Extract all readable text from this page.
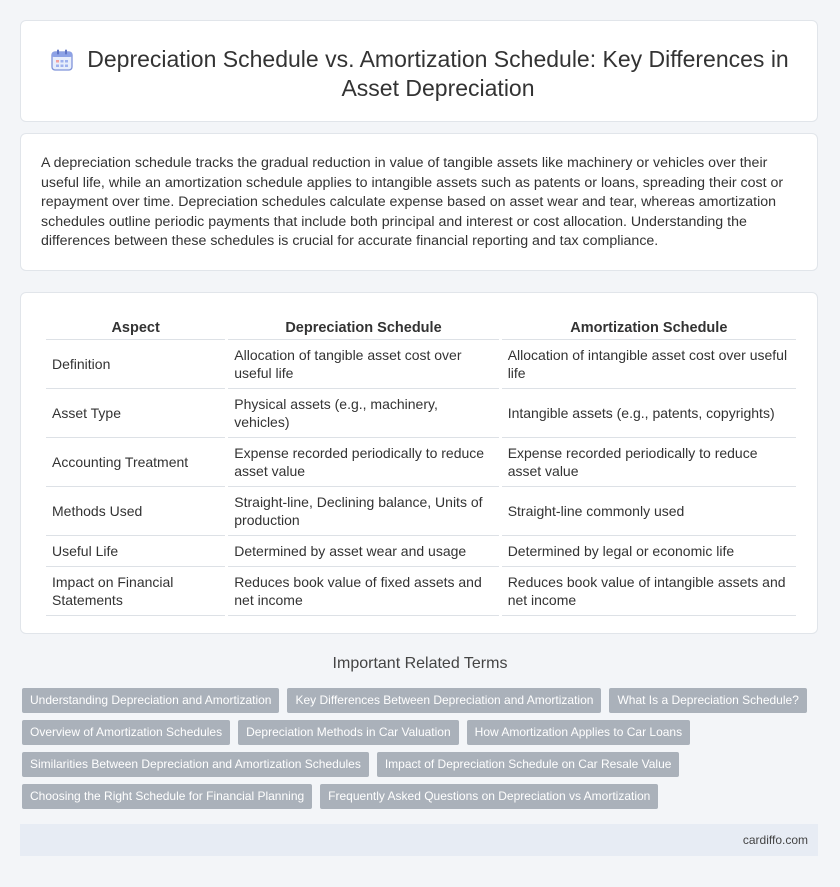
Depreciation Schedule vs. Amortization Schedule: Key Differences in Asset Depreciation

A depreciation schedule tracks the gradual reduction in value of tangible assets like machinery or vehicles over their useful life, while an amortization schedule applies to intangible assets such as patents or loans, spreading their cost or repayment over time. Depreciation schedules calculate expense based on asset wear and tear, whereas amortization schedules outline periodic payments that include both principal and interest or cost allocation. Understanding the differences between these schedules is crucial for accurate financial reporting and tax compliance.

Aspect	Depreciation Schedule	Amortization Schedule
Definition	Allocation of tangible asset cost over useful life	Allocation of intangible asset cost over useful life
Asset Type	Physical assets (e.g., machinery, vehicles)	Intangible assets (e.g., patents, copyrights)
Accounting Treatment	Expense recorded periodically to reduce asset value	Expense recorded periodically to reduce asset value
Methods Used	Straight-line, Declining balance, Units of production	Straight-line commonly used
Useful Life	Determined by asset wear and usage	Determined by legal or economic life
Impact on Financial Statements	Reduces book value of fixed assets and net income	Reduces book value of intangible assets and net income
Important Related Terms
Understanding Depreciation and Amortization	Key Differences Between Depreciation and Amortization	What Is a Depreciation Schedule?
Overview of Amortization Schedules	Depreciation Methods in Car Valuation	How Amortization Applies to Car Loans
Similarities Between Depreciation and Amortization Schedules	Impact of Depreciation Schedule on Car Resale Value
Choosing the Right Schedule for Financial Planning	Frequently Asked Questions on Depreciation vs Amortization
cardiffo.com
